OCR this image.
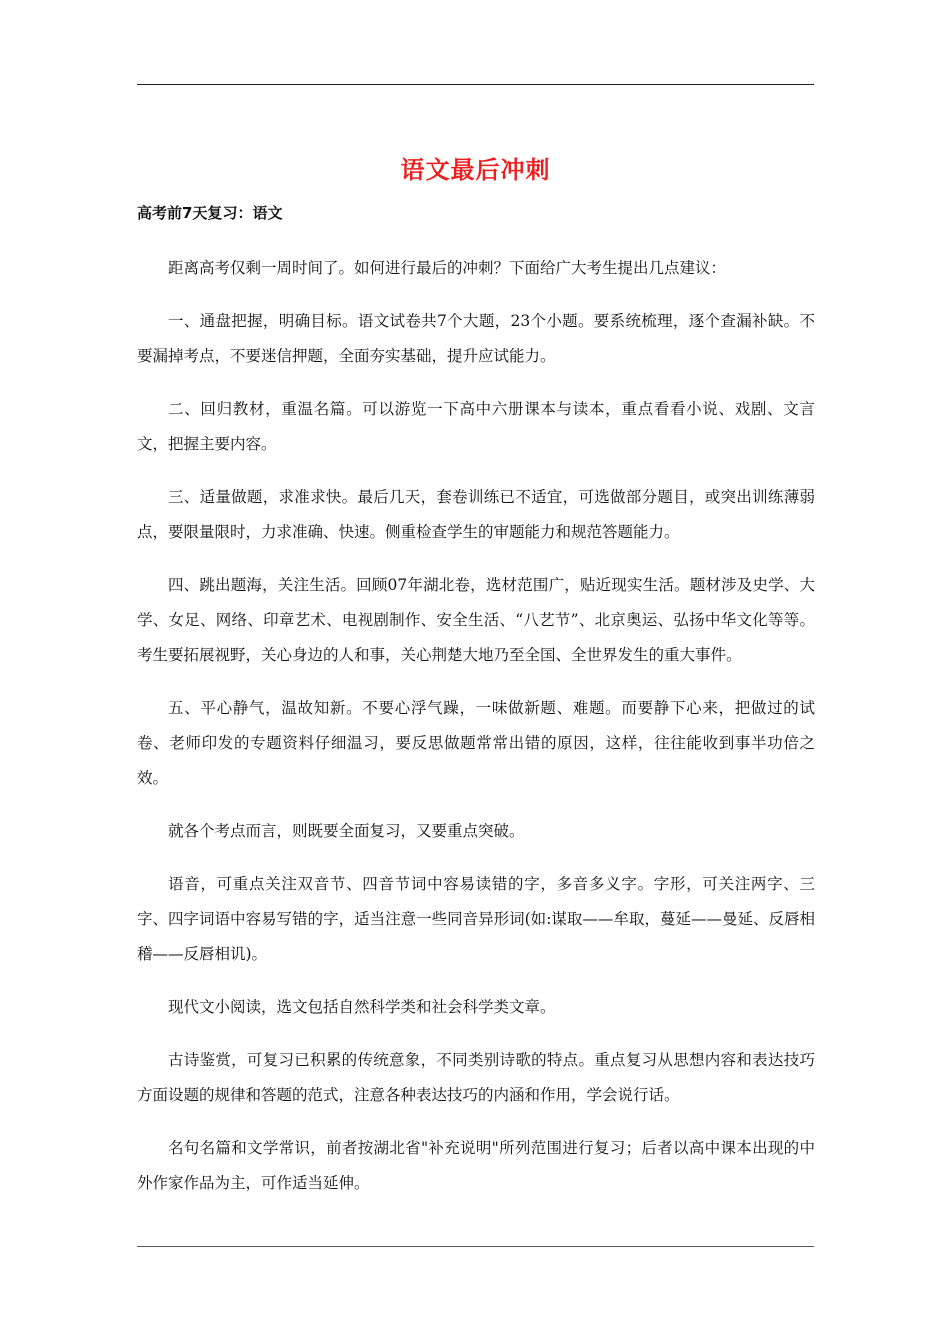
语文最后冲刺
高考前7天复习：语文

距离高考仅剩一周时间了。如何进行最后的冲刺？下面给广大考生提出几点建议：

一、通盘把握，明确目标。语文试卷共7个大题，23个小题。要系统梳理，逐个查漏补缺。不要漏掉考点，不要迷信押题，全面夯实基础，提升应试能力。

二、回归教材，重温名篇。可以游览一下高中六册课本与读本，重点看看小说、戏剧、文言文，把握主要内容。

三、适量做题，求准求快。最后几天，套卷训练已不适宜，可选做部分题目，或突出训练薄弱点，要限量限时，力求准确、快速。侧重检查学生的审题能力和规范答题能力。

四、跳出题海，关注生活。回顾07年湖北卷，选材范围广，贴近现实生活。题材涉及史学、大学、女足、网络、印章艺术、电视剧制作、安全生活、“八艺节”、北京奥运、弘扬中华文化等等。考生要拓展视野，关心身边的人和事，关心荆楚大地乃至全国、全世界发生的重大事件。

五、平心静气，温故知新。不要心浮气躁，一味做新题、难题。而要静下心来，把做过的试卷、老师印发的专题资料仔细温习，要反思做题常常出错的原因，这样，往往能收到事半功倍之效。

就各个考点而言，则既要全面复习，又要重点突破。

语音，可重点关注双音节、四音节词中容易读错的字，多音多义字。字形，可关注两字、三字、四字词语中容易写错的字，适当注意一些同音异形词(如:谋取——牟取，蔓延——曼延、反唇相稽——反唇相讥)。

现代文小阅读，选文包括自然科学类和社会科学类文章。

古诗鉴赏，可复习已积累的传统意象，不同类别诗歌的特点。重点复习从思想内容和表达技巧方面设题的规律和答题的范式，注意各种表达技巧的内涵和作用，学会说行话。

名句名篇和文学常识，前者按湖北省"补充说明"所列范围进行复习；后者以高中课本出现的中外作家作品为主，可作适当延伸。
